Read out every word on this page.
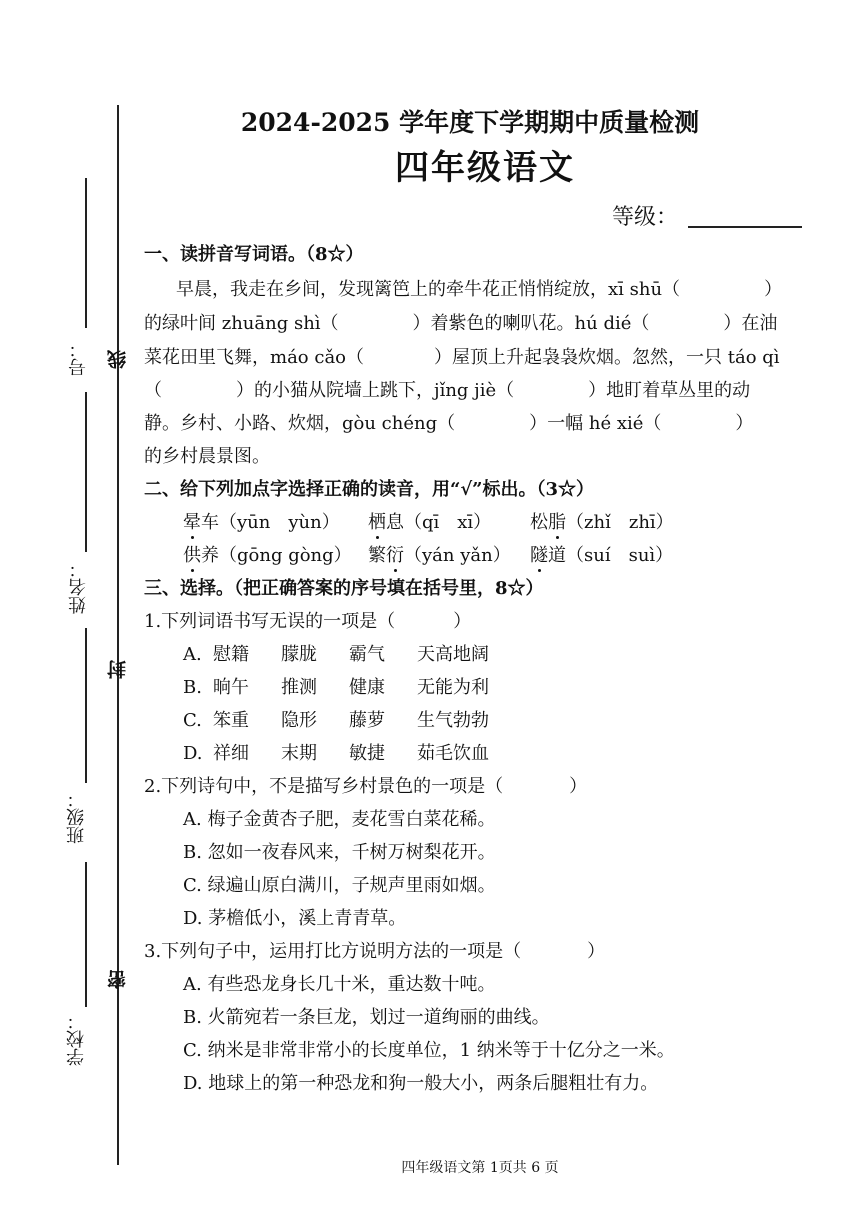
线
封
密
号：
姓名：
班级：
学校：
2024-2025 学年度下学期期中质量检测
四年级语文
等级：
一、读拼音写词语。（8☆）
早晨，我走在乡间，发现篱笆上的牵牛花正悄悄绽放，xī shū（	）
的绿叶间 zhuāng shì（	）着紫色的喇叭花。hú dié（	）在油
菜花田里飞舞，máo cǎo（	）屋顶上升起袅袅炊烟。忽然，一只 táo qì
（	）的小猫从院墙上跳下，jǐng jiè（	）地盯着草丛里的动
静。乡村、小路、炊烟，gòu chéng（	）一幅 hé xié（	）
的乡村晨景图。
二、给下列加点字选择正确的读音，用“√”标出。（3☆）
晕车（yūn　yùn） 栖息（qī　xī） 松脂（zhǐ　zhī）
供养（gōng gòng） 繁衍（yán yǎn） 隧道（suí　suì）
三、选择。（把正确答案的序号填在括号里，8☆）
1.下列词语书写无误的一项是（	）
A. 慰籍 朦胧 霸气 天高地阔
B. 晌午 推测 健康 无能为利
C. 笨重 隐形 藤萝 生气勃勃
D. 祥细 末期 敏捷 茹毛饮血
2.下列诗句中，不是描写乡村景色的一项是（	）
A. 梅子金黄杏子肥，麦花雪白菜花稀。
B. 忽如一夜春风来，千树万树梨花开。
C. 绿遍山原白满川，子规声里雨如烟。
D. 茅檐低小，溪上青青草。
3.下列句子中，运用打比方说明方法的一项是（	）
A. 有些恐龙身长几十米，重达数十吨。
B. 火箭宛若一条巨龙，划过一道绚丽的曲线。
C. 纳米是非常非常小的长度单位，1 纳米等于十亿分之一米。
D. 地球上的第一种恐龙和狗一般大小，两条后腿粗壮有力。
四年级语文第 1页共 6 页
